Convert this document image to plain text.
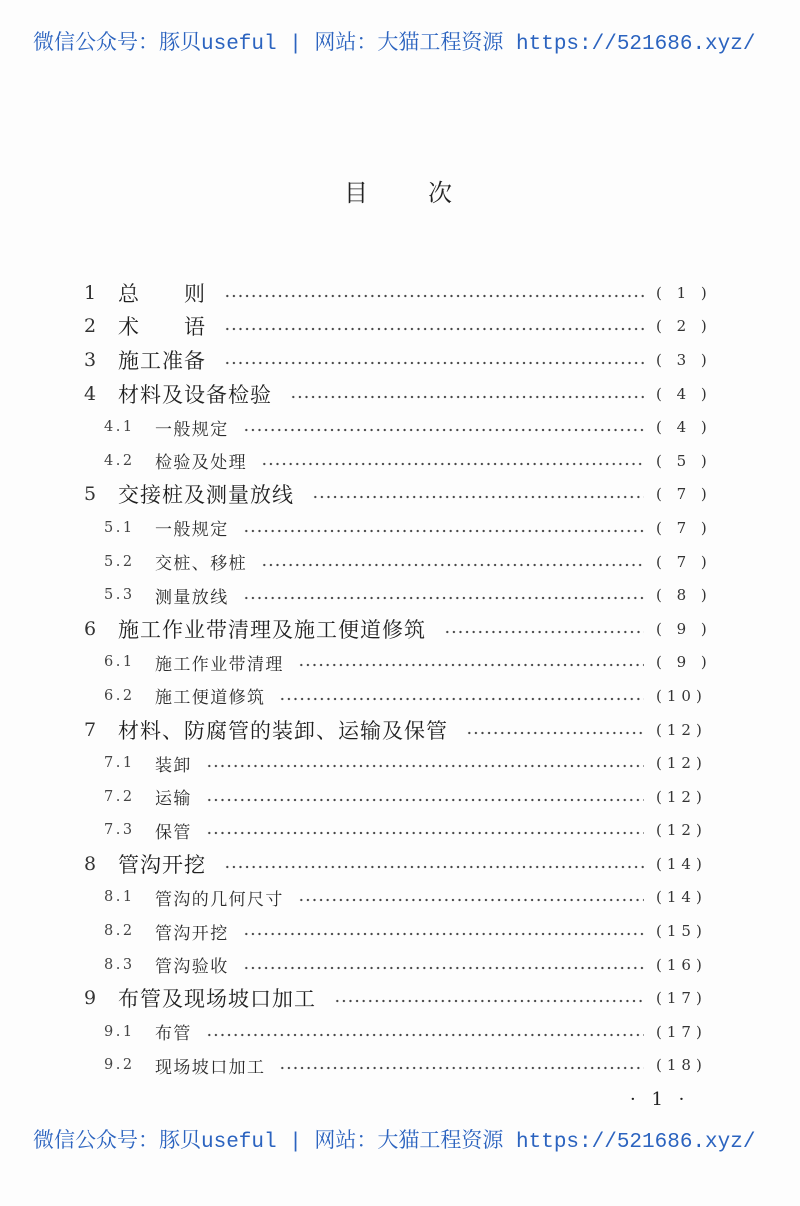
微信公众号：豚贝useful | 网站：大猫工程资源 https://521686.xyz/
目　　次
1	总　　则	( 1 )
2	术　　语	( 2 )
3	施工准备	( 3 )
4	材料及设备检验	( 4 )
4.1	一般规定	( 4 )
4.2	检验及处理	( 5 )
5	交接桩及测量放线	( 7 )
5.1	一般规定	( 7 )
5.2	交桩、移桩	( 7 )
5.3	测量放线	( 8 )
6	施工作业带清理及施工便道修筑	( 9 )
6.1	施工作业带清理	( 9 )
6.2	施工便道修筑	(10)
7	材料、防腐管的装卸、运输及保管	(12)
7.1	装卸	(12)
7.2	运输	(12)
7.3	保管	(12)
8	管沟开挖	(14)
8.1	管沟的几何尺寸	(14)
8.2	管沟开挖	(15)
8.3	管沟验收	(16)
9	布管及现场坡口加工	(17)
9.1	布管	(17)
9.2	现场坡口加工	(18)
· 1 ·
微信公众号：豚贝useful | 网站：大猫工程资源 https://521686.xyz/
